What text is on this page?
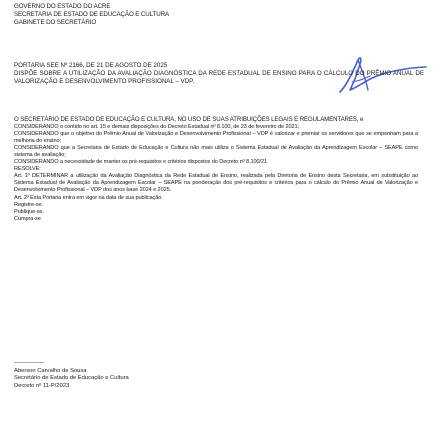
GOVERNO DO ESTADO DO ACRE
SECRETARIA DE ESTADO DE EDUCAÇÃO E CULTURA
GABINETE DO SECRETÁRIO
PORTARIA SEE Nº 2166, DE 21 DE AGOSTO DE 2025
DISPÕE SOBRE A UTILIZAÇÃO DA AVALIAÇÃO DIAGNÓSTICA DA REDE ESTADUAL DE ENSINO PARA O CÁLCULO DO PRÊMIO ANUAL DE VALORIZAÇÃO E DESENVOLVIMENTO PROFISSIONAL – VDP.

O SECRETÁRIO DE ESTADO DE EDUCAÇÃO E CULTURA, NO USO DE SUAS ATRIBUIÇÕES LEGAIS E REGULAMENTARES, e

CONSIDERANDO o contido no art. 15 e demais disposições do Decreto Estadual nº 8.100, de 23 de fevereiro de 2021;

CONSIDERANDO que o objetivo do Prêmio Anual de Valorização e Desenvolvimento Profissional – VDP é valorizar e premiar os servidores que se empenham para a melhoria do ensino;

CONSIDERANDO que a Secretaria de Estado de Educação e Cultura não mais utiliza o Sistema Estadual de Avaliação da Aprendizagem Escolar – SEAPE como sistema de avaliação;

CONSIDERANDO a necessidade de manter os pré-requisitos e critérios dispostos do Decreto nº 8.100/21

RESOLVE:

Art. 1º DETERMINAR a utilização da Avaliação Diagnóstica da Rede Estadual de Ensino, realizada pela Diretoria de Ensino desta Secretaria, em substituição ao Sistema Estadual de Avaliação da Aprendizagem Escolar – SEAPE na ponderação dos pré-requisitos e critérios para o cálculo do Prêmio Anual de Valorização e Desenvolvimento Profissional – VDP dos anos base 2024 e 2025.

Art. 2º Esta Portaria entra em vigor na data de sua publicação.

Registre-se.

Publique-se.

Cumpra-se

Aberson Carvalho de Sousa
Secretário de Estado de Educação e Cultura
Decreto nº 11-P/2023
